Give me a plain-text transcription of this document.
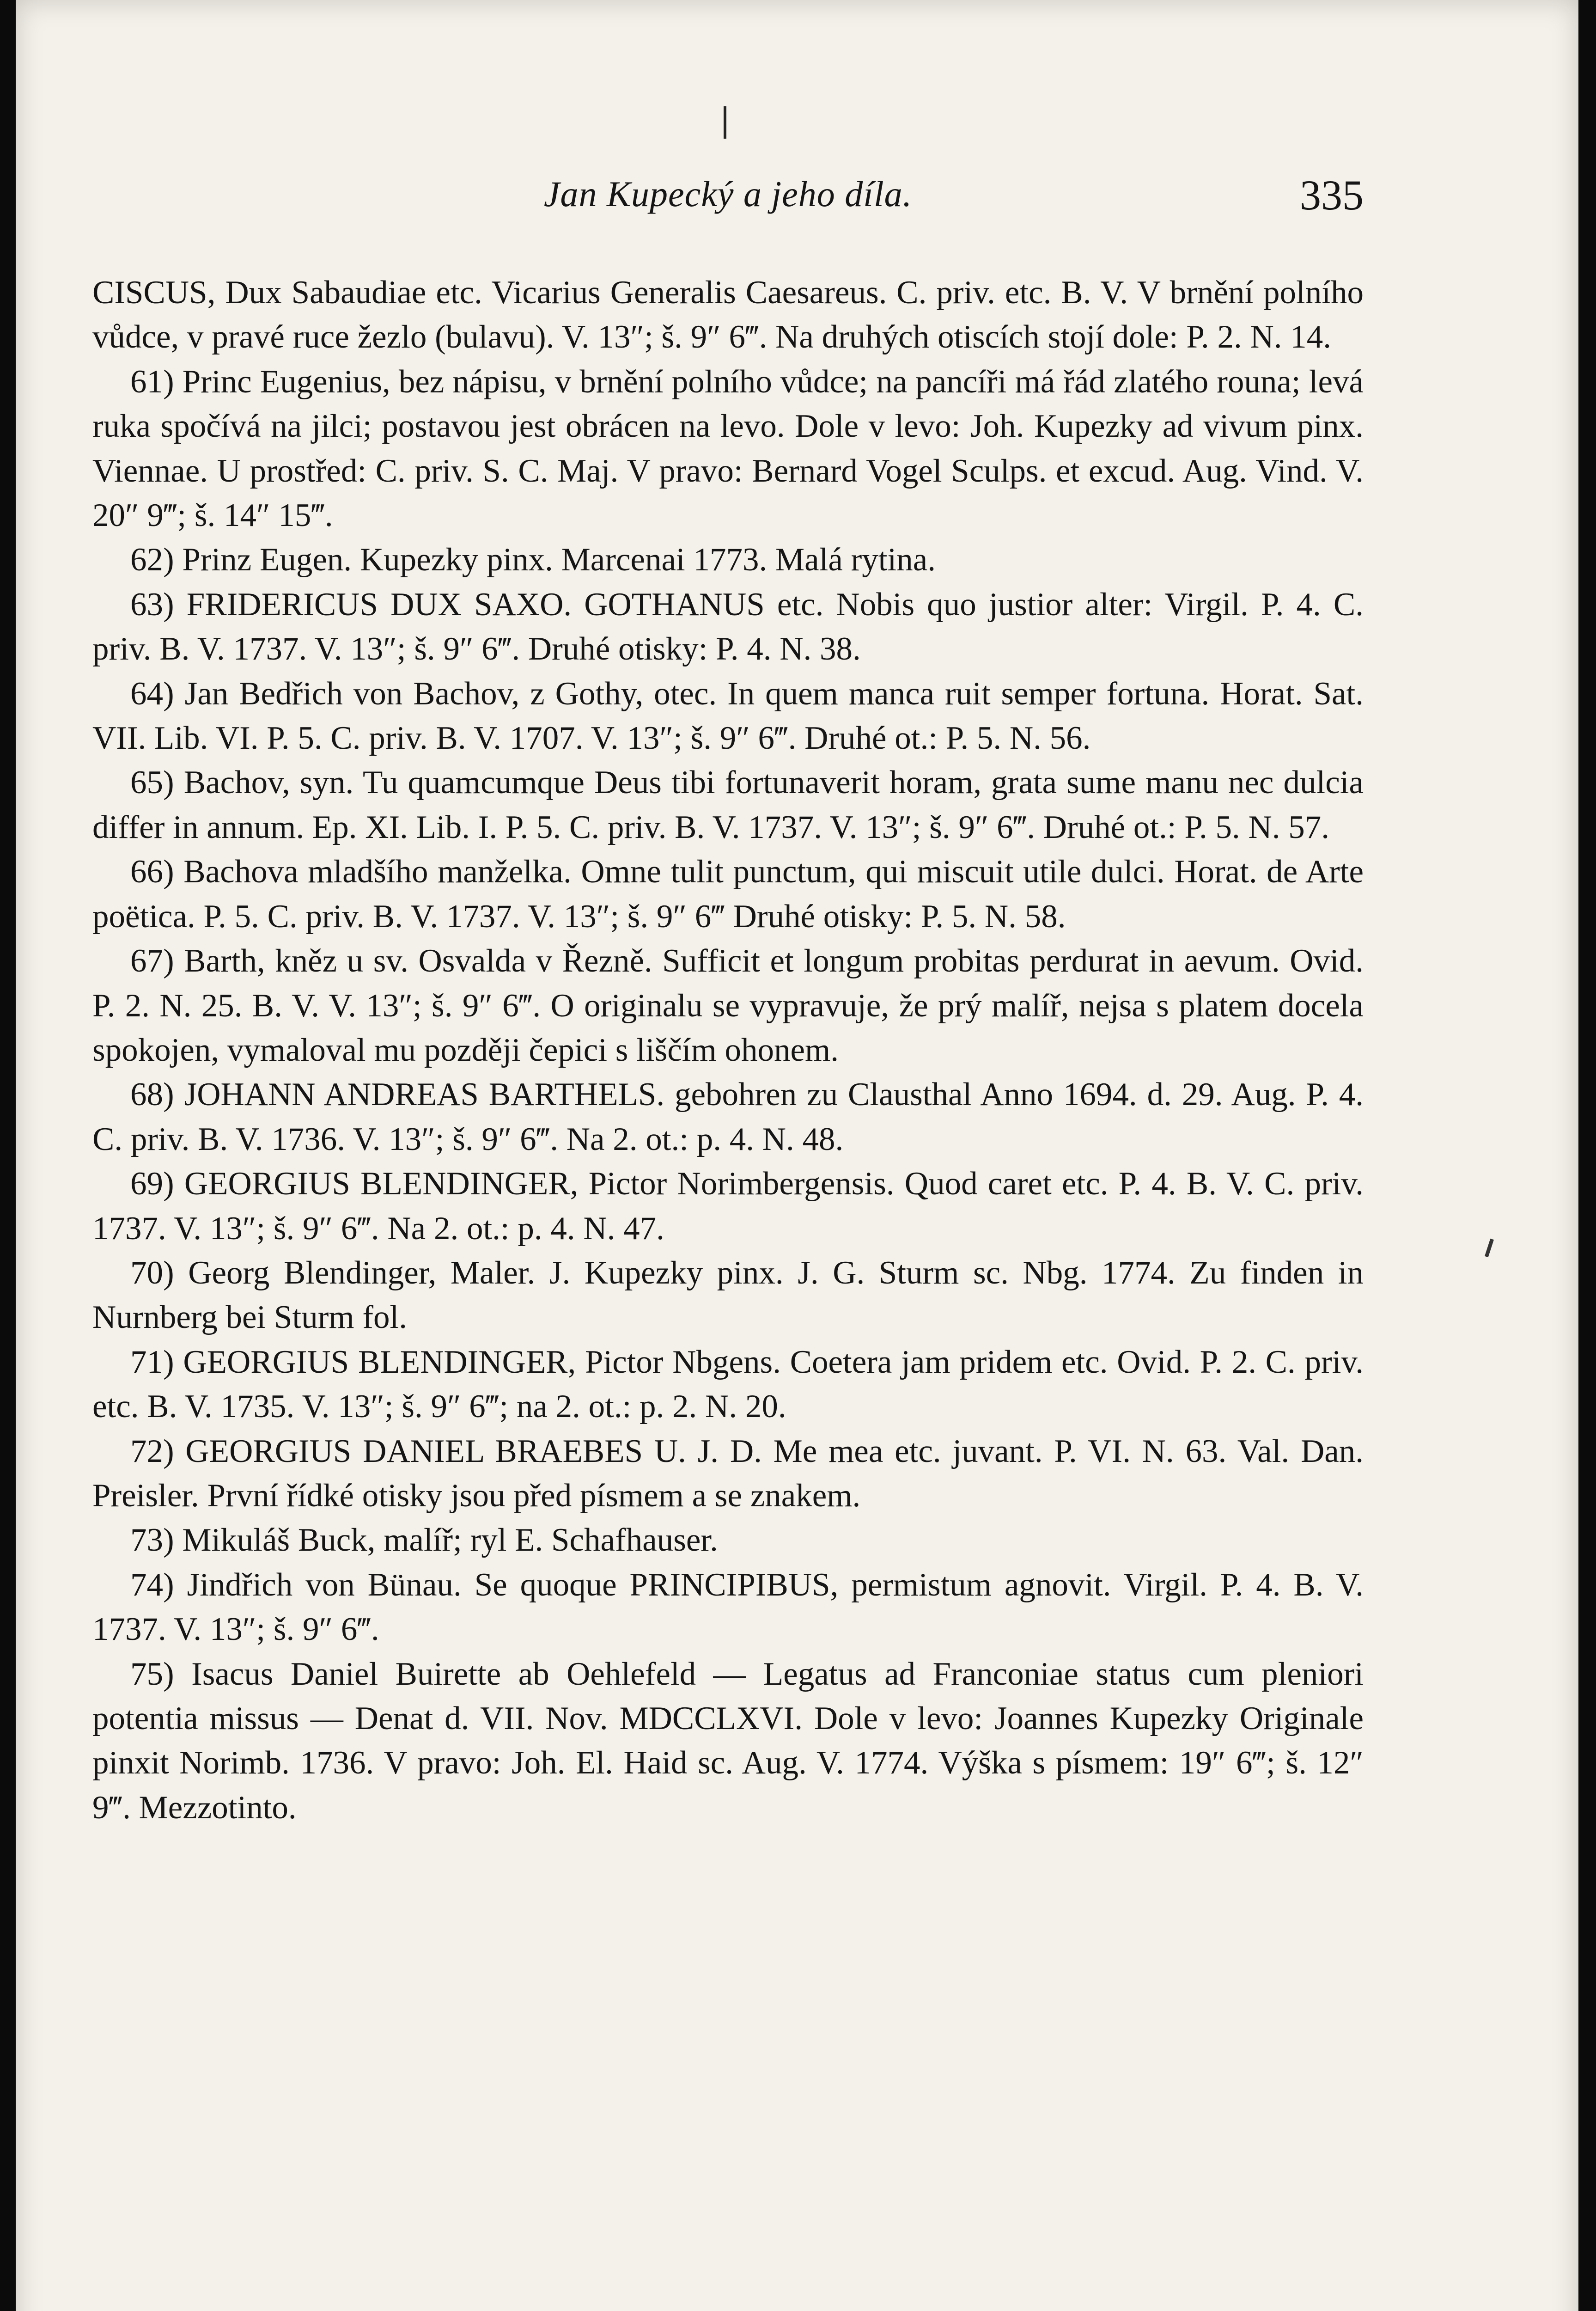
Jan Kupecký a jeho díla.	335

CISCUS, Dux Sabaudiae etc. Vicarius Generalis Caesareus. C. priv. etc. B. V. V brnění polního vůdce, v pravé ruce žezlo (bulavu). V. 13″; š. 9″ 6‴. Na druhých otiscích stojí dole: P. 2. N. 14.

61) Princ Eugenius, bez nápisu, v brnění polního vůdce; na pancíři má řád zlatého rouna; levá ruka spočívá na jilci; postavou jest obrácen na levo. Dole v levo: Joh. Kupezky ad vivum pinx. Viennae. U prostřed: C. priv. S. C. Maj. V pravo: Bernard Vogel Sculps. et excud. Aug. Vind. V. 20″ 9‴; š. 14″ 15‴.

62) Prinz Eugen. Kupezky pinx. Marcenai 1773. Malá rytina.

63) FRIDERICUS DUX SAXO. GOTHANUS etc. Nobis quo justior alter: Virgil. P. 4. C. priv. B. V. 1737. V. 13″; š. 9″ 6‴. Druhé otisky: P. 4. N. 38.

64) Jan Bedřich von Bachov, z Gothy, otec. In quem manca ruit semper fortuna. Horat. Sat. VII. Lib. VI. P. 5. C. priv. B. V. 1707. V. 13″; š. 9″ 6‴. Druhé ot.: P. 5. N. 56.

65) Bachov, syn. Tu quamcumque Deus tibi fortunaverit horam, grata sume manu nec dulcia differ in annum. Ep. XI. Lib. I. P. 5. C. priv. B. V. 1737. V. 13″; š. 9″ 6‴. Druhé ot.: P. 5. N. 57.

66) Bachova mladšího manželka. Omne tulit punctum, qui miscuit utile dulci. Horat. de Arte poëtica. P. 5. C. priv. B. V. 1737. V. 13″; š. 9″ 6‴ Druhé otisky: P. 5. N. 58.

67) Barth, kněz u sv. Osvalda v Řezně. Sufficit et longum probitas perdurat in aevum. Ovid. P. 2. N. 25. B. V. V. 13″; š. 9″ 6‴. O originalu se vypravuje, že prý malíř, nejsa s platem docela spokojen, vymaloval mu později čepici s liščím ohonem.

68) JOHANN ANDREAS BARTHELS. gebohren zu Clausthal Anno 1694. d. 29. Aug. P. 4. C. priv. B. V. 1736. V. 13″; š. 9″ 6‴. Na 2. ot.: p. 4. N. 48.

69) GEORGIUS BLENDINGER, Pictor Norimbergensis. Quod caret etc. P. 4. B. V. C. priv. 1737. V. 13″; š. 9″ 6‴. Na 2. ot.: p. 4. N. 47.

70) Georg Blendinger, Maler. J. Kupezky pinx. J. G. Sturm sc. Nbg. 1774. Zu finden in Nurnberg bei Sturm fol.

71) GEORGIUS BLENDINGER, Pictor Nbgens. Coetera jam pridem etc. Ovid. P. 2. C. priv. etc. B. V. 1735. V. 13″; š. 9″ 6‴; na 2. ot.: p. 2. N. 20.

72) GEORGIUS DANIEL BRAEBES U. J. D. Me mea etc. juvant. P. VI. N. 63. Val. Dan. Preisler. První řídké otisky jsou před písmem a se znakem.

73) Mikuláš Buck, malíř; ryl E. Schafhauser.

74) Jindřich von Bünau. Se quoque PRINCIPIBUS, permistum agnovit. Virgil. P. 4. B. V. 1737. V. 13″; š. 9″ 6‴.

75) Isacus Daniel Buirette ab Oehlefeld — Legatus ad Franconiae status cum pleniori potentia missus — Denat d. VII. Nov. MDCCLXVI. Dole v levo: Joannes Kupezky Originale pinxit Norimb. 1736. V pravo: Joh. El. Haid sc. Aug. V. 1774. Výška s písmem: 19″ 6‴; š. 12″ 9‴. Mezzotinto.
